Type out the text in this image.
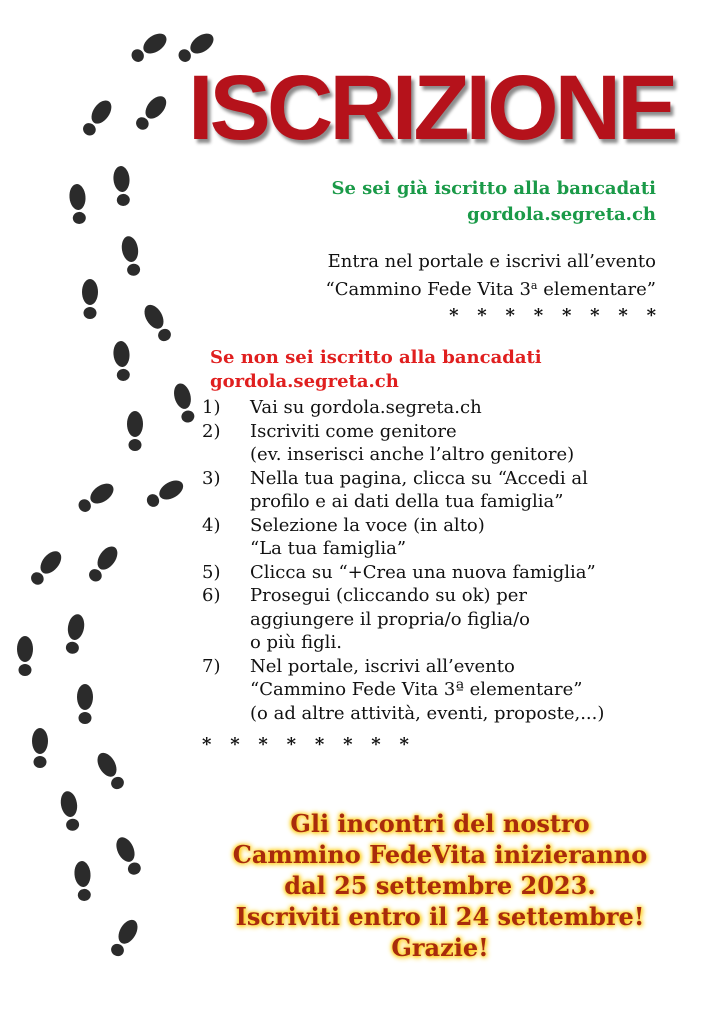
ISCRIZIONE
Se sei già iscritto alla bancadati
gordola.segreta.ch
Entra nel portale e iscrivi all’evento
“Cammino Fede Vita 3$^a$ elementare”
*   *   *   *   *   *   *   *
Se non sei iscritto alla bancadati
gordola.segreta.ch
1)	Vai su gordola.segreta.ch
2)	Iscriviti come genitore
(ev. inserisci anche l’altro genitore)
3)	Nella tua pagina, clicca su “Accedi al
profilo e ai dati della tua famiglia”
4)	Selezione la voce (in alto)
“La tua famiglia”
5)	Clicca su “+Crea una nuova famiglia”
6)	Prosegui (cliccando su ok) per
aggiungere il propria/o figlia/o
o più figli.
7)	Nel portale, iscrivi all’evento
“Cammino Fede Vita 3ª elementare”
(o ad altre attività, eventi, proposte,...)
*   *   *   *   *   *   *   *
Gli incontri del nostro
Cammino FedeVita inizieranno
dal 25 settembre 2023.
Iscriviti entro il 24 settembre!
Grazie!
